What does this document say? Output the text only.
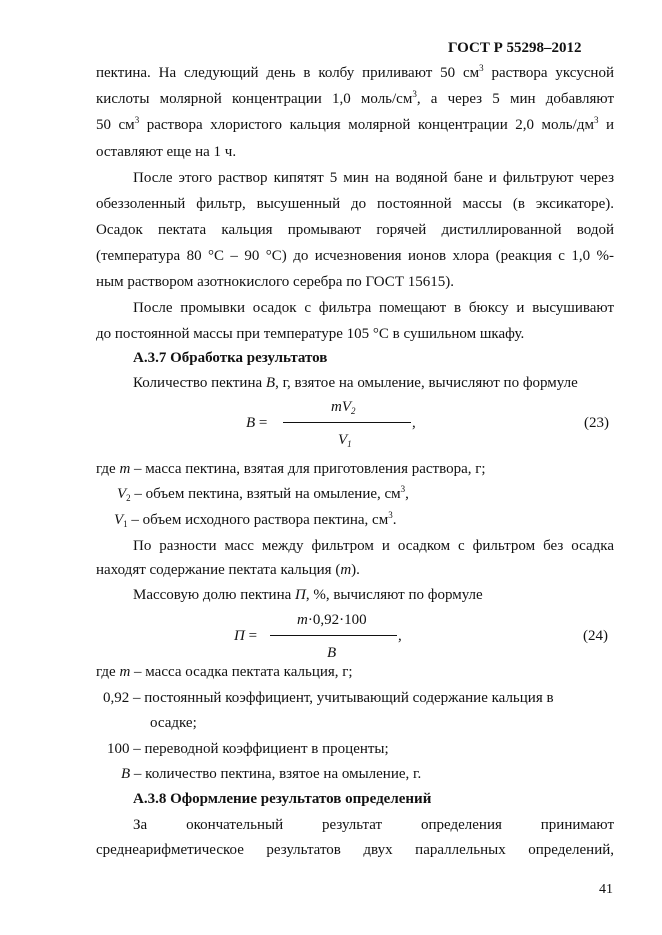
ГОСТ Р 55298–2012
пектина. На следующий день в колбу приливают 50 $см^3$ раствора уксусной
кислоты молярной концентрации 1,0 моль/$см^3$, а через 5 мин добавляют
50 $см^3$ раствора хлористого кальция молярной концентрации 2,0 моль/$дм^3$ и
оставляют еще на 1 ч.
После этого раствор кипятят 5 мин на водяной бане и фильтруют через
обеззоленный фильтр, высушенный до постоянной массы (в эксикаторе).
Осадок пектата кальция промывают горячей дистиллированной водой
(температура 80 °С – 90 °С) до исчезновения ионов хлора (реакция с 1,0 %-
ным раствором азотнокислого серебра по ГОСТ 15615).
После промывки осадок с фильтра помещают в бюксу и высушивают
до постоянной массы при температуре 105 °С в сушильном шкафу.
А.3.7 Обработка результатов
Количество пектина В, г, взятое на омыление, вычисляют по формуле
В =
$mV_2$
$V_1$
,	(23)
где m – масса пектина, взятая для приготовления раствора, г;
$V_2$ – объем пектина, взятый на омыление, $см^3$,
$V_1$ – объем исходного раствора пектина, $см^3$.
По разности масс между фильтром и осадком с фильтром без осадка
находят содержание пектата кальция (m).
Массовую долю пектина П, %, вычисляют по формуле
П =
m·0,92·100
В
,	(24)
где m – масса осадка пектата кальция, г;
0,92 – постоянный коэффициент, учитывающий содержание кальция в
осадке;
100 – переводной коэффициент в проценты;
В – количество пектина, взятое на омыление, г.
А.3.8 Оформление результатов определений
За окончательный результат определения принимают
среднеарифметическое результатов двух параллельных определений,
41
